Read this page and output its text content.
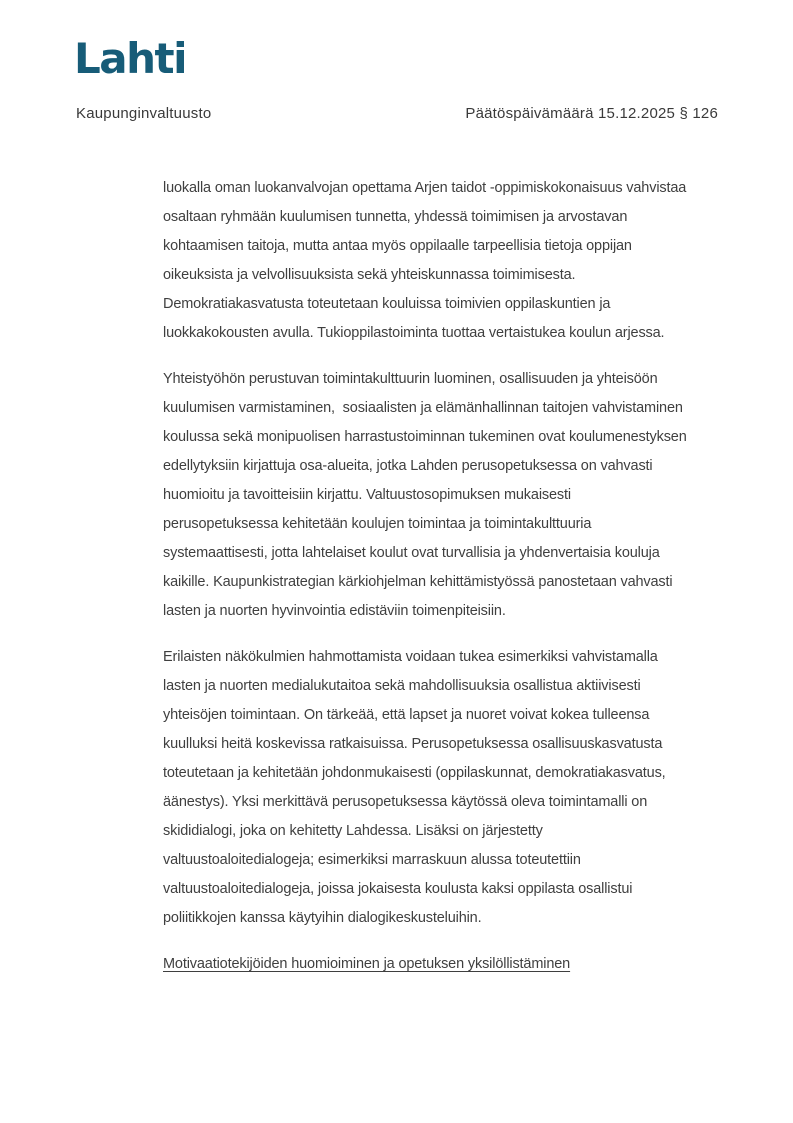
Lahti
Kaupunginvaltuusto	Päätöspäivämäärä 15.12.2025 § 126
luokalla oman luokanvalvojan opettama Arjen taidot -oppimiskokonaisuus vahvistaa
osaltaan ryhmään kuulumisen tunnetta, yhdessä toimimisen ja arvostavan
kohtaamisen taitoja, mutta antaa myös oppilaalle tarpeellisia tietoja oppijan
oikeuksista ja velvollisuuksista sekä yhteiskunnassa toimimisesta.
Demokratiakasvatusta toteutetaan kouluissa toimivien oppilaskuntien ja
luokkakokousten avulla. Tukioppilastoiminta tuottaa vertaistukea koulun arjessa.
Yhteistyöhön perustuvan toimintakulttuurin luominen, osallisuuden ja yhteisöön
kuulumisen varmistaminen,  sosiaalisten ja elämänhallinnan taitojen vahvistaminen
koulussa sekä monipuolisen harrastustoiminnan tukeminen ovat koulumenestyksen
edellytyksiin kirjattuja osa-alueita, jotka Lahden perusopetuksessa on vahvasti
huomioitu ja tavoitteisiin kirjattu. Valtuustosopimuksen mukaisesti
perusopetuksessa kehitetään koulujen toimintaa ja toimintakulttuuria
systemaattisesti, jotta lahtelaiset koulut ovat turvallisia ja yhdenvertaisia kouluja
kaikille. Kaupunkistrategian kärkiohjelman kehittämistyössä panostetaan vahvasti
lasten ja nuorten hyvinvointia edistäviin toimenpiteisiin.
Erilaisten näkökulmien hahmottamista voidaan tukea esimerkiksi vahvistamalla
lasten ja nuorten medialukutaitoa sekä mahdollisuuksia osallistua aktiivisesti
yhteisöjen toimintaan. On tärkeää, että lapset ja nuoret voivat kokea tulleensa
kuulluksi heitä koskevissa ratkaisuissa. Perusopetuksessa osallisuuskasvatusta
toteutetaan ja kehitetään johdonmukaisesti (oppilaskunnat, demokratiakasvatus,
äänestys). Yksi merkittävä perusopetuksessa käytössä oleva toimintamalli on
skididialogi, joka on kehitetty Lahdessa. Lisäksi on järjestetty
valtuustoaloitedialogeja; esimerkiksi marraskuun alussa toteutettiin
valtuustoaloitedialogeja, joissa jokaisesta koulusta kaksi oppilasta osallistui
poliitikkojen kanssa käytyihin dialogikeskusteluihin.
Motivaatiotekijöiden huomioiminen ja opetuksen yksilöllistäminen
